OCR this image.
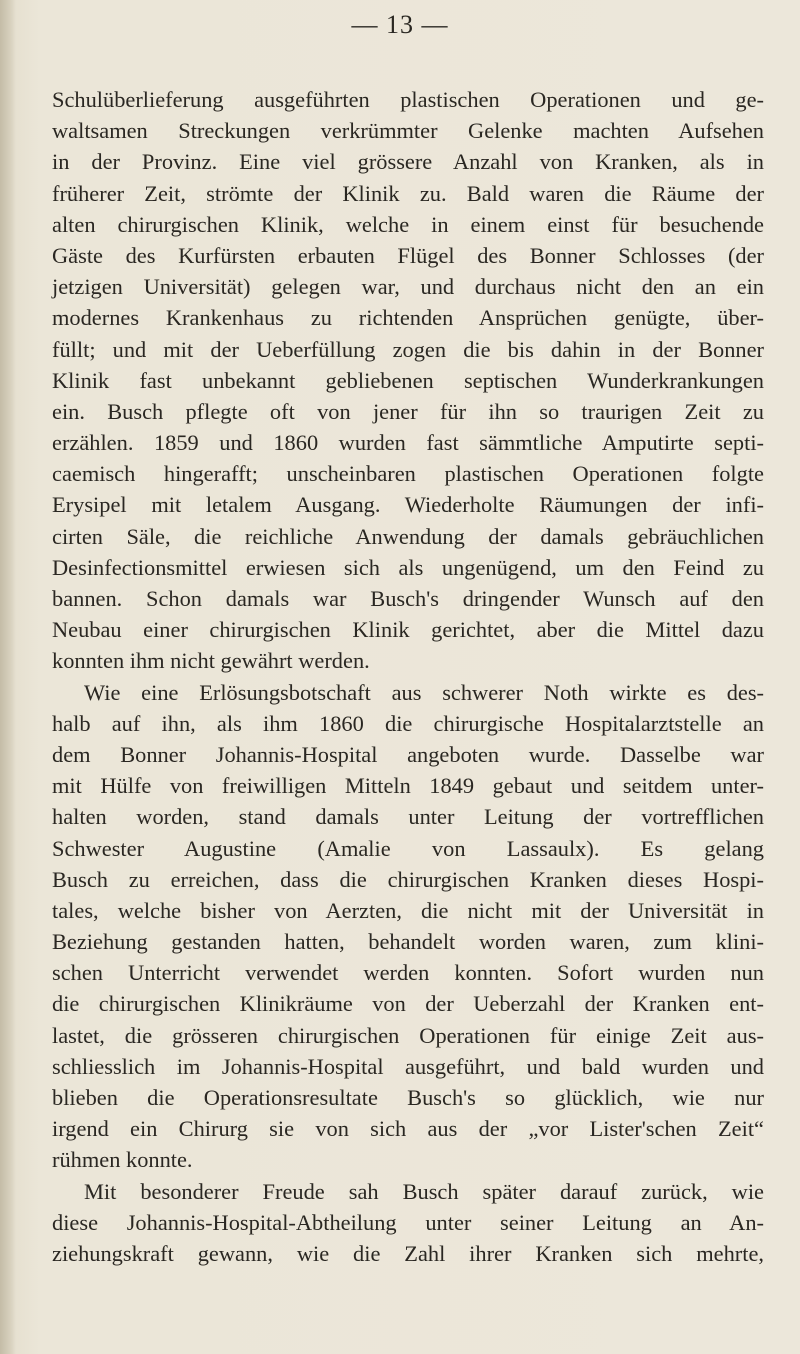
— 13 —
Schulüberlieferung ausgeführten plastischen Operationen und ge-
waltsamen Streckungen verkrümmter Gelenke machten Aufsehen
in der Provinz. Eine viel grössere Anzahl von Kranken, als in
früherer Zeit, strömte der Klinik zu. Bald waren die Räume der
alten chirurgischen Klinik, welche in einem einst für besuchende
Gäste des Kurfürsten erbauten Flügel des Bonner Schlosses (der
jetzigen Universität) gelegen war, und durchaus nicht den an ein
modernes Krankenhaus zu richtenden Ansprüchen genügte, über-
füllt; und mit der Ueberfüllung zogen die bis dahin in der Bonner
Klinik fast unbekannt gebliebenen septischen Wunderkrankungen
ein. Busch pflegte oft von jener für ihn so traurigen Zeit zu
erzählen. 1859 und 1860 wurden fast sämmtliche Amputirte septi-
caemisch hingerafft; unscheinbaren plastischen Operationen folgte
Erysipel mit letalem Ausgang. Wiederholte Räumungen der infi-
cirten Säle, die reichliche Anwendung der damals gebräuchlichen
Desinfectionsmittel erwiesen sich als ungenügend, um den Feind zu
bannen. Schon damals war Busch's dringender Wunsch auf den
Neubau einer chirurgischen Klinik gerichtet, aber die Mittel dazu
konnten ihm nicht gewährt werden.
Wie eine Erlösungsbotschaft aus schwerer Noth wirkte es des-
halb auf ihn, als ihm 1860 die chirurgische Hospitalarztstelle an
dem Bonner Johannis-Hospital angeboten wurde. Dasselbe war
mit Hülfe von freiwilligen Mitteln 1849 gebaut und seitdem unter-
halten worden, stand damals unter Leitung der vortrefflichen
Schwester Augustine (Amalie von Lassaulx). Es gelang
Busch zu erreichen, dass die chirurgischen Kranken dieses Hospi-
tales, welche bisher von Aerzten, die nicht mit der Universität in
Beziehung gestanden hatten, behandelt worden waren, zum klini-
schen Unterricht verwendet werden konnten. Sofort wurden nun
die chirurgischen Klinikräume von der Ueberzahl der Kranken ent-
lastet, die grösseren chirurgischen Operationen für einige Zeit aus-
schliesslich im Johannis-Hospital ausgeführt, und bald wurden und
blieben die Operationsresultate Busch's so glücklich, wie nur
irgend ein Chirurg sie von sich aus der „vor Lister'schen Zeit“
rühmen konnte.
Mit besonderer Freude sah Busch später darauf zurück, wie
diese Johannis-Hospital-Abtheilung unter seiner Leitung an An-
ziehungskraft gewann, wie die Zahl ihrer Kranken sich mehrte,
